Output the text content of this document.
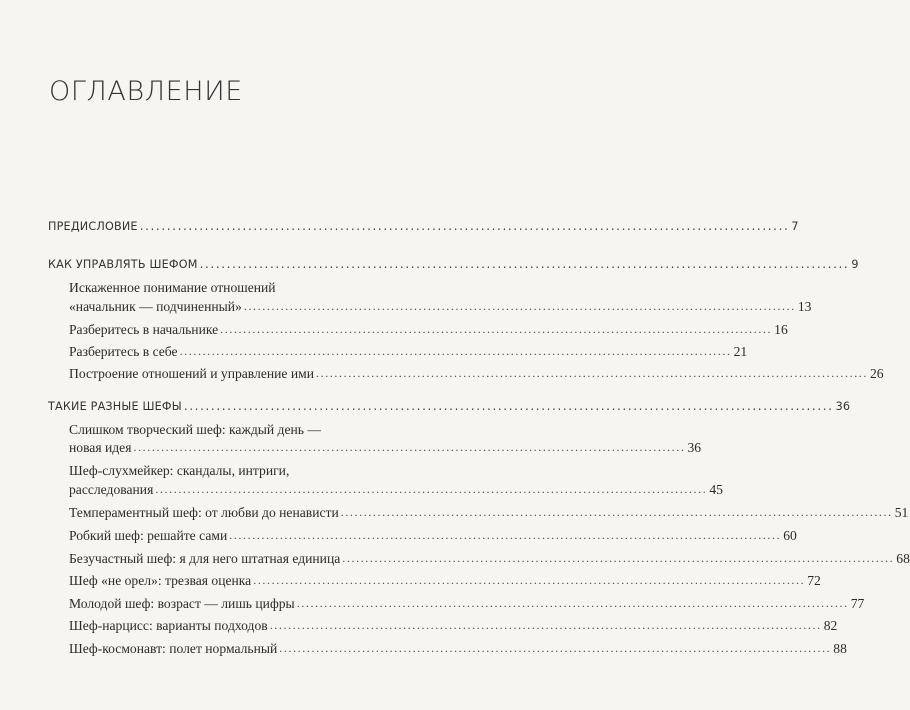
ОГЛАВЛЕНИЕ
ПРЕДИСЛОВИЕ ........................................................................................................................ 7
КАК УПРАВЛЯТЬ ШЕФОМ ........................................................................................................................ 9
Искаженное понимание отношений
«начальник — подчиненный» ........................................................................................................................ 13
Разберитесь в начальнике ........................................................................................................................ 16
Разберитесь в себе ........................................................................................................................ 21
Построение отношений и управление ими ........................................................................................................................ 26
ТАКИЕ РАЗНЫЕ ШЕФЫ ........................................................................................................................ 36
Слишком творческий шеф: каждый день —
новая идея ........................................................................................................................ 36
Шеф-слухмейкер: скандалы, интриги,
расследования ........................................................................................................................ 45
Темпераментный шеф: от любви до ненависти ........................................................................................................................ 51
Робкий шеф: решайте сами ........................................................................................................................ 60
Безучастный шеф: я для него штатная единица ........................................................................................................................ 68
Шеф «не орел»: трезвая оценка ........................................................................................................................ 72
Молодой шеф: возраст — лишь цифры ........................................................................................................................ 77
Шеф-нарцисс: варианты подходов ........................................................................................................................ 82
Шеф-космонавт: полет нормальный ........................................................................................................................ 88
